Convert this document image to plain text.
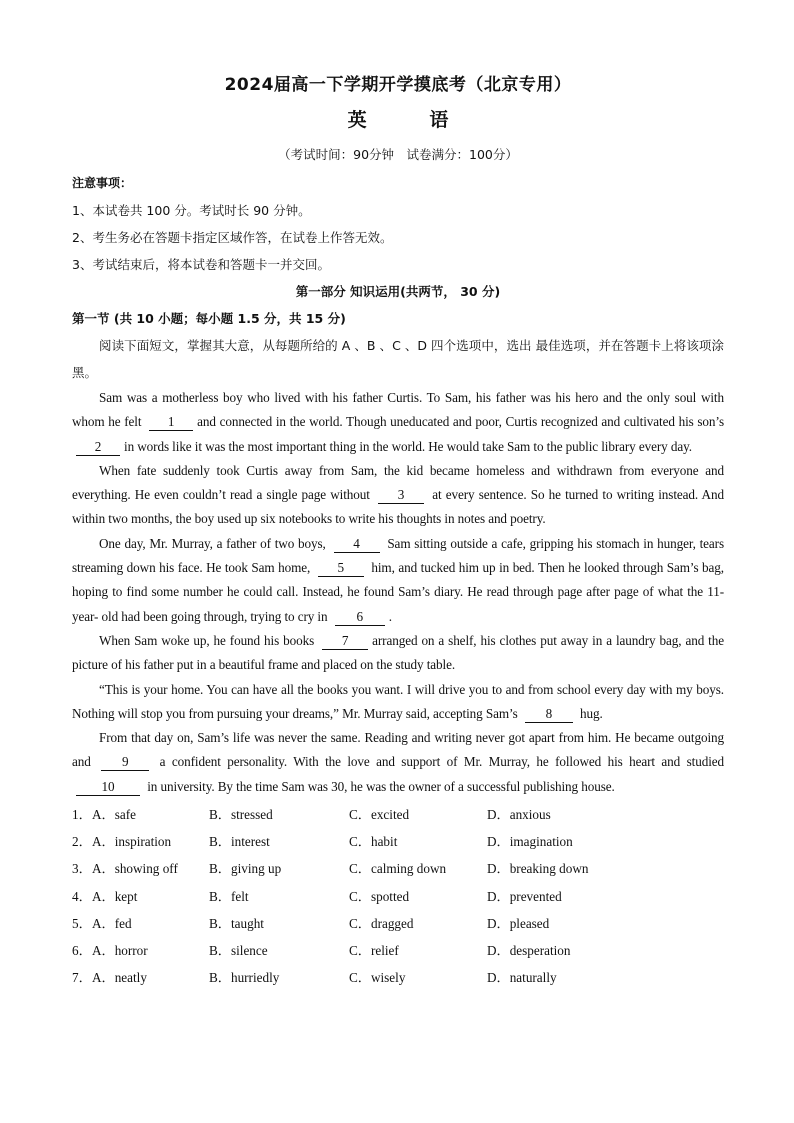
2024届高一下学期开学摸底考（北京专用）
英	语
（考试时间：90分钟　试卷满分：100分）
注意事项：
1、本试卷共 100 分。考试时长 90 分钟。
2、考生务必在答题卡指定区域作答，在试卷上作答无效。
3、考试结束后，将本试卷和答题卡一并交回。
第一部分 知识运用(共两节， 30 分)
第一节 (共 10 小题；每小题 1.5 分，共 15 分)

阅读下面短文，掌握其大意，从每题所给的 A 、B 、C 、D 四个选项中，选出 最佳选项，并在答题卡上将该项涂黑。

Sam was a motherless boy who lived with his father Curtis. To Sam, his father was his hero and the only soul with whom he felt 1 and connected in the world. Though uneducated and poor, Curtis recognized and cultivated his son’s 2 in words like it was the most important thing in the world. He would take Sam to the public library every day.

When fate suddenly took Curtis away from Sam, the kid became homeless and withdrawn from everyone and everything. He even couldn’t read a single page without 3 at every sentence. So he turned to writing instead. And within two months, the boy used up six notebooks to write his thoughts in notes and poetry.

One day, Mr. Murray, a father of two boys, 4 Sam sitting outside a cafe, gripping his stomach in hunger, tears streaming down his face. He took Sam home, 5 him, and tucked him up in bed. Then he looked through Sam’s bag, hoping to find some number he could call. Instead, he found Sam’s diary. He read through page after page of what the 11-year- old had been going through, trying to cry in 6 .

When Sam woke up, he found his books 7 arranged on a shelf, his clothes put away in a laundry bag, and the picture of his father put in a beautiful frame and placed on the study table.

“This is your home. You can have all the books you want. I will drive you to and from school every day with my boys. Nothing will stop you from pursuing your dreams,” Mr. Murray said, accepting Sam’s 8 hug.

From that day on, Sam’s life was never the same. Reading and writing never got apart from him. He became outgoing and 9 a confident personality. With the love and support of Mr. Murray, he followed his heart and studied 10 in university. By the time Sam was 30, he was the owner of a successful publishing house.

1． A．safe	B．stressed	C．excited	D．anxious
2． A．inspiration	B．interest	C．habit	D．imagination
3． A．showing off	B．giving up	C．calming down	D．breaking down
4． A．kept	B．felt	C．spotted	D．prevented
5． A．fed	B．taught	C．dragged	D．pleased
6． A．horror	B．silence	C．relief	D．desperation
7． A．neatly	B．hurriedly	C．wisely	D．naturally
